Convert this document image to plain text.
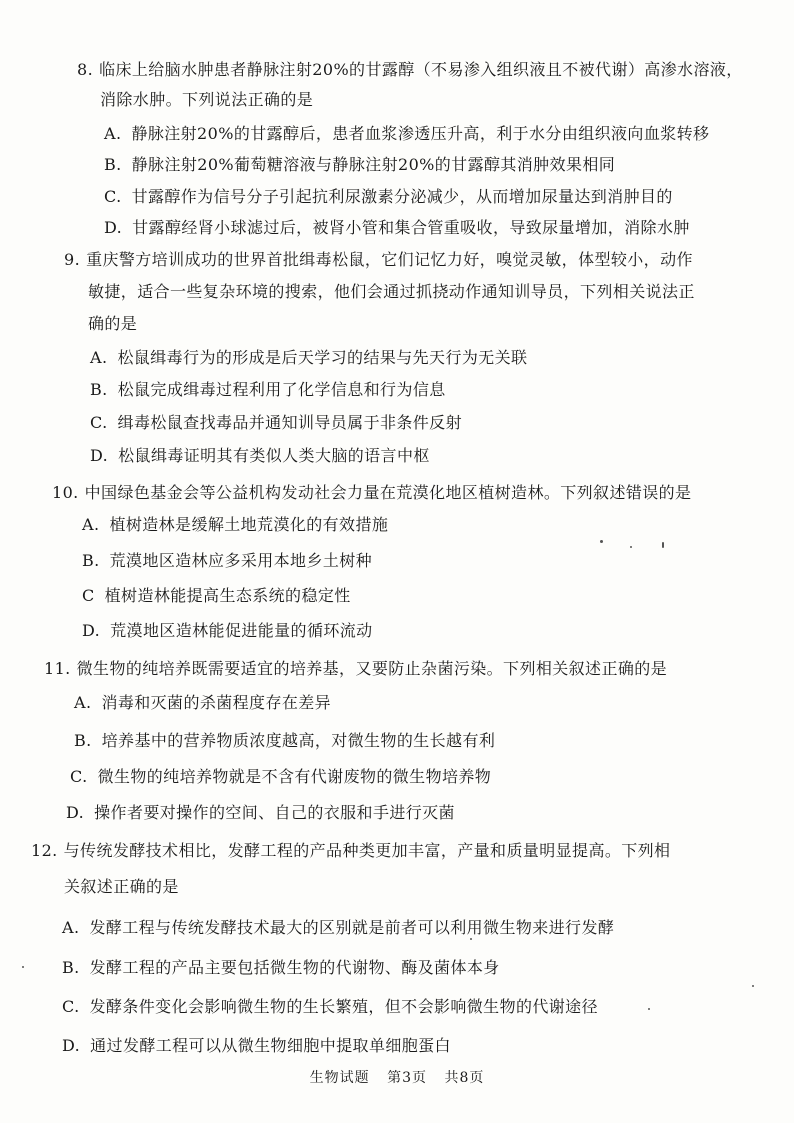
8. 临床上给脑水肿患者静脉注射20%的甘露醇（不易渗入组织液且不被代谢）高渗水溶液，
消除水肿。下列说法正确的是
A. 静脉注射20%的甘露醇后，患者血浆渗透压升高，利于水分由组织液向血浆转移
B. 静脉注射20%葡萄糖溶液与静脉注射20%的甘露醇其消肿效果相同
C. 甘露醇作为信号分子引起抗利尿激素分泌减少，从而增加尿量达到消肿目的
D. 甘露醇经肾小球滤过后，被肾小管和集合管重吸收，导致尿量增加，消除水肿
9. 重庆警方培训成功的世界首批缉毒松鼠，它们记忆力好，嗅觉灵敏，体型较小，动作
敏捷，适合一些复杂环境的搜索，他们会通过抓挠动作通知训导员，下列相关说法正
确的是
A. 松鼠缉毒行为的形成是后天学习的结果与先天行为无关联
B. 松鼠完成缉毒过程利用了化学信息和行为信息
C. 缉毒松鼠查找毒品并通知训导员属于非条件反射
D. 松鼠缉毒证明其有类似人类大脑的语言中枢
10. 中国绿色基金会等公益机构发动社会力量在荒漠化地区植树造林。下列叙述错误的是
A. 植树造林是缓解土地荒漠化的有效措施
B. 荒漠地区造林应多采用本地乡土树种
C 植树造林能提高生态系统的稳定性
D. 荒漠地区造林能促进能量的循环流动
11. 微生物的纯培养既需要适宜的培养基，又要防止杂菌污染。下列相关叙述正确的是
A. 消毒和灭菌的杀菌程度存在差异
B. 培养基中的营养物质浓度越高，对微生物的生长越有利
C. 微生物的纯培养物就是不含有代谢废物的微生物培养物
D. 操作者要对操作的空间、自己的衣服和手进行灭菌
12. 与传统发酵技术相比，发酵工程的产品种类更加丰富，产量和质量明显提高。下列相
关叙述正确的是
A. 发酵工程与传统发酵技术最大的区别就是前者可以利用微生物来进行发酵
B. 发酵工程的产品主要包括微生物的代谢物、酶及菌体本身
C. 发酵条件变化会影响微生物的生长繁殖，但不会影响微生物的代谢途径
D. 通过发酵工程可以从微生物细胞中提取单细胞蛋白
生物试题 第3页 共8页
